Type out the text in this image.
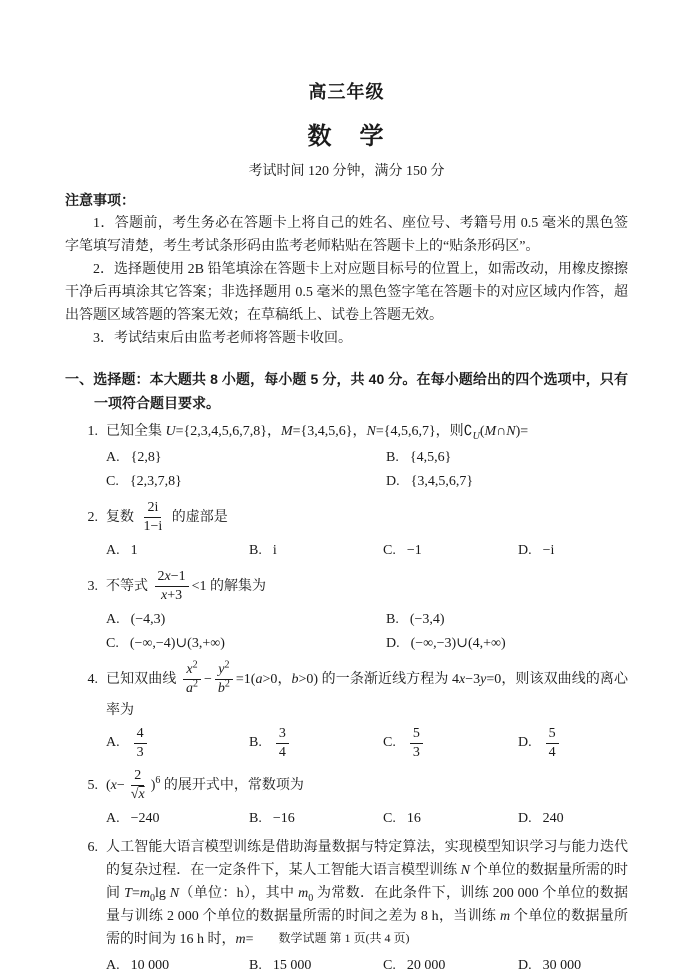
高三年级
数　学
考试时间 120 分钟，满分 150 分
注意事项：

1．答题前，考生务必在答题卡上将自己的姓名、座位号、考籍号用 0.5 毫米的黑色签字笔填写清楚，考生考试条形码由监考老师粘贴在答题卡上的“贴条形码区”。

2．选择题使用 2B 铅笔填涂在答题卡上对应题目标号的位置上，如需改动，用橡皮擦擦干净后再填涂其它答案；非选择题用 0.5 毫米的黑色签字笔在答题卡的对应区域内作答，超出答题区域答题的答案无效；在草稿纸上、试卷上答题无效。

3．考试结束后由监考老师将答题卡收回。

一、选择题：本大题共 8 小题，每小题 5 分，共 40 分。在每小题给出的四个选项中，只有一项符合题目要求。
1. 已知全集 U={2,3,4,5,6,7,8}，M={3,4,5,6}，N={4,5,6,7}，则$∁_U(M\cap N)=$
A. {2,8}	B. {4,5,6}
C. {2,3,7,8}	D. {3,4,5,6,7}
2. 复数 $\frac{2i}{1-i}$ 的虚部是
A. 1	B. i	C. −1	D. −i
3. 不等式 $\frac{2x-1}{x+3} <1$ 的解集为
A. (−4,3)	B. (−3,4)
C. (−∞,−4)∪(3,+∞)	D. (−∞,−3)∪(4,+∞)
4. 已知双曲线 $\frac{x^2}{a^2} - \frac{y^2}{b^2} =1(a>0$，b>0) 的一条渐近线方程为 4x−3y=0，则该双曲线的离心率为
A. $\frac{4}{3}$	B. $\frac{3}{4}$	C. $\frac{5}{3}$	D. $\frac{5}{4}$
5. $(x- \frac{2}{√x} )^6$ 的展开式中，常数项为
A. −240	B. −16	C. 16	D. 240
6. 人工智能大语言模型训练是借助海量数据与特定算法，实现模型知识学习与能力迭代的复杂过程．在一定条件下，某人工智能大语言模型训练 N 个单位的数据量所需的时间 $T=m_0\lg$ N（单位：h），其中 $m_0$ 为常数．在此条件下，训练 200 000 个单位的数据量与训练 2 000 个单位的数据量所需的时间之差为 8 h，当训练 m 个单位的数据量所需的时间为 16 h 时，m=
A. 10 000	B. 15 000	C. 20 000	D. 30 000
数学试题 第 1 页(共 4 页)
